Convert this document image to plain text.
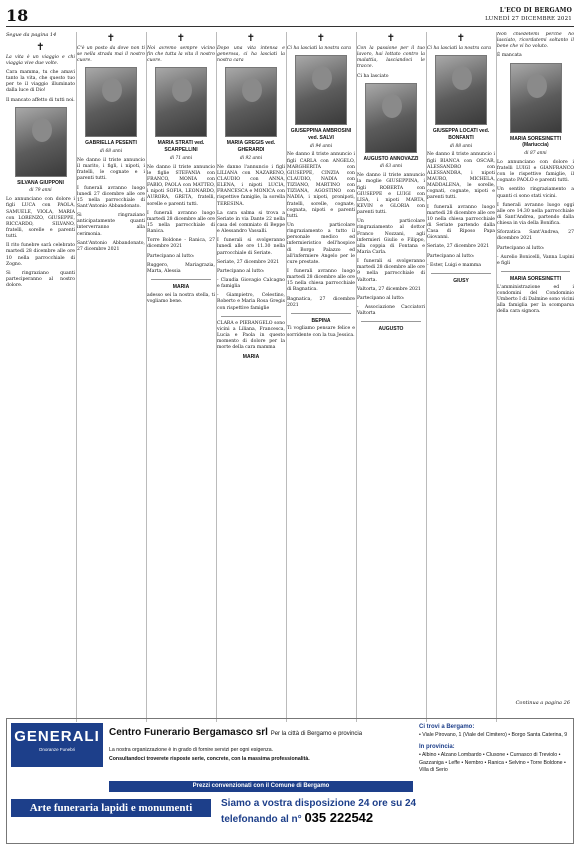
18	L'ECO DI BERGAMO
LUNEDÌ 27 DICEMBRE 2021
Segue da pagina 14
✝

La vita è un viaggio e chi viaggia vive due volte.

Cara mamma, tu che amavi tanto la vita, che questo tuo per te il viaggio illuminato dalla luce di Dio!

Il mancato affetto di tutti noi.

SILVANA GIUPPONI
di 79 anni

Lo annunciano con dolore i figli LUCA con PAOLA, SAMUELE, VIOLA, MARIA con LORENZO, GIUSEPPE, RICCARDO, SILVANO, fratelli, sorelle e parenti tutti.

Il rito funebre sarà celebrato martedì 28 dicembre alle ore 10 nella parrocchiale di Zogno.

Si ringraziano quanti parteciperanno al nostro dolore.

✝

C'è un posto da dove non ti se nella strada mai il nostro cuore.

GABRIELLA PESENTI
di 68 anni

Ne danno il triste annuncio il marito, i figli, i nipoti, i fratelli, le cognate e i parenti tutti.

I funerali avranno luogo lunedì 27 dicembre alle ore 15 nella parrocchiale di Sant'Antonio Abbandonato.

Si ringraziano anticipatamente quanti interverranno alla cerimonia.

Sant'Antonio Abbandonato, 27 dicembre 2021

✝

Noi avremo sempre vicino fin che tutta la vita il nostro cuore.

MARIA STRATI ved. SCARPELLINI
di 71 anni

Ne danno il triste annuncio le figlie STEFANIA con FRANCO, MONIA con FABIO, PAOLA con MATTEO, i nipoti SOFIA, LEONARDO, AURORA, GRETA, fratelli, sorelle e parenti tutti.

I funerali avranno luogo martedì 28 dicembre alle ore 15 nella parrocchiale di Ranica.

Torre Boldone - Ranica, 27 dicembre 2021

Partecipano al lutto:

Ruggero, Mariagrazia, Marta, Alessia

MARIA

adesso sei la nostra stella, ti vogliamo bene.

✝

Dopo una vita intensa e generosa, ci ha lasciati la nostra cara

MARIA GREGIS ved. GHERARDI
di 92 anni

Ne danno l'annuncio i figli LILIANA con NAZARENO, CLAUDIO con ANNA, ELENA, i nipoti LUCIA, FRANCESCA e MONICA con rispettive famiglie, la sorella TERESINA.

La cara salma si trova a Seriate in via Dante 22 nella casa del commiato di Beppe e Alessandro Vassalli.

I funerali si svolgeranno lunedì alle ore 11.30 nella parrocchiale di Seriate.

Seriate, 27 dicembre 2021

Partecipano al lutto:

- Claudia Giovagio Calcagno e famiglia

- Giampietro, Celestino, Roberto e Maria Rosa Gregis con rispettive famiglie

CLARA e PIERANGELO sono vicini a Liliana, Francesca, Lucia e Paola in questo momento di dolore per la morte della cara mamma

MARIA
✝

Ci ha lasciati la nostra cara

GIUSEPPINA AMBROSINI ved. SALVI
di 94 anni

Ne danno il triste annuncio i figli CARLA con ANGELO, MARGHERITA con GIUSEPPE, CINZIA con CLAUDIO, NADIA con TIZIANO, MARTINO con TIZIANA, AGOSTINO con NADIA, i nipoti, pronipoti, fratelli, sorelle, cognate, cognata, nipoti e parenti tutti.

Un particolare ringraziamento a tutto il personale medico ed infermieristico dell'hospice di Borgo Palazzo ed all'infermiere Angelo per le cure prestate.

I funerali avranno luogo martedì 28 dicembre alle ore 15 nella chiesa parrocchiale di Bagnatica.

Bagnatica, 27 dicembre 2021

BEPINA

Ti vogliamo pensare felice e sorridente con la tua Jessica.

✝

Con la passione per il tuo lavoro, hai lottato contro la malattia, lasciandoci le tracce.

Ci ha lasciato

AUGUSTO ANNOVAZZI
di 63 anni

Ne danno il triste annuncio la moglie GIUSEPPINA, i figli ROBERTA con GIUSEPPE e LUIGI con LISA, i nipoti MARTA, KEVIN e GLORIA con parenti tutti.

Un particolare ringraziamento al dottor Franco Nozzani, agli infermieri Giulio e Filippo, alla coppia di Fontana e Maria Carla.

I funerali si svolgeranno martedì 28 dicembre alle ore 9 nella parrocchiale di Valtorta.

Valtorta, 27 dicembre 2021

Partecipano al lutto:

- Associazione Cacciatori Valtorta

AUGUSTO
✝

Ci ha lasciati la nostra cara

GIUSEPPA LOCATI ved. BONFANTI
di 88 anni

Ne danno il triste annuncio i figli BIANCA con OSCAR, ALESSANDRO con ALESSANDRA, i nipoti MAURO, MICHELA, MADDALENA, le sorelle, cognati, cognate, nipoti e parenti tutti.

I funerali avranno luogo martedì 28 dicembre alle ore 10 nella chiesa parrocchiale di Seriate partendo dalla Casa di Riposo Papa Giovanni.

Seriate, 27 dicembre 2021

Partecipano al lutto:

- Ester, Luigi e mamma

GIUSY

Non chiedetemi perché ho lasciato, ricordatemi soltanto il bene che vi ho voluto.

È mancata

MARIA SORESINETTI (Mariuccia)
di 87 anni

Lo annunciano con dolore i fratelli LUIGI e GIANFRANCO con le rispettive famiglie, il cognato PAOLO e parenti tutti.

Un sentito ringraziamento a quanti ci sono stati vicini.

I funerali avranno luogo oggi alle ore 14.30 nella parrocchiale di Sant'Andrea, partendo dalla chiesa in via della Bonifica.

Sforzatica Sant'Andrea, 27 dicembre 2021

Partecipano al lutto:

- Aurelio Bonicelli, Vanna Lupini e figli

MARIA SORESINETTI

L'amministrazione ed i condomini del Condominio Umberto I di Dalmine sono vicini alla famiglia per la scomparsa della cara signora.

Continua a pagina 26
GENERALI
Onoranze Funebri
Centro Funerario Bergamasco srl Per la città di Bergamo e provincia
La nostra organizzazione è in grado di fornire servizi per ogni esigenza.
Consultandoci troverete risposte serie, concrete, con la massima professionalità.
Prezzi convenzionati con il Comune di Bergamo
Arte funeraria lapidi e monumenti	Siamo a vostra disposizione 24 ore su 24
telefonando al n° 035 222542
Ci trovi a Bergamo:
• Viale Pirovano, 1 (Viale del Cimitero) • Borgo Santa Caterina, 9
In provincia:
• Albino • Alzano Lombardo • Clusone • Curnasco di Treviolo • Gazzaniga • Leffe • Nembro • Ranica • Selvino • Torre Boldone • Villa di Serio
